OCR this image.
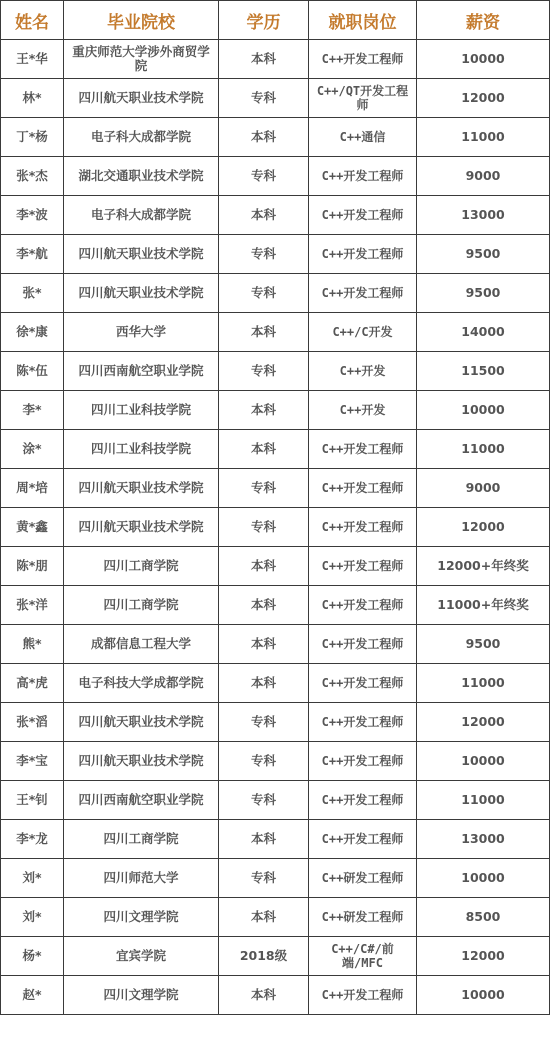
姓名	毕业院校	学历	就职岗位	薪资
王*华	重庆师范大学涉外商贸学院	本科	C++开发工程师	10000
林*	四川航天职业技术学院	专科	C++/QT开发工程师	12000
丁*杨	电子科大成都学院	本科	C++通信	11000
张*杰	湖北交通职业技术学院	专科	C++开发工程师	9000
李*波	电子科大成都学院	本科	C++开发工程师	13000
李*航	四川航天职业技术学院	专科	C++开发工程师	9500
张*	四川航天职业技术学院	专科	C++开发工程师	9500
徐*康	西华大学	本科	C++/C开发	14000
陈*伍	四川西南航空职业学院	专科	C++开发	11500
李*	四川工业科技学院	本科	C++开发	10000
涂*	四川工业科技学院	本科	C++开发工程师	11000
周*培	四川航天职业技术学院	专科	C++开发工程师	9000
黄*鑫	四川航天职业技术学院	专科	C++开发工程师	12000
陈*朋	四川工商学院	本科	C++开发工程师	12000+年终奖
张*洋	四川工商学院	本科	C++开发工程师	11000+年终奖
熊*	成都信息工程大学	本科	C++开发工程师	9500
高*虎	电子科技大学成都学院	本科	C++开发工程师	11000
张*滔	四川航天职业技术学院	专科	C++开发工程师	12000
李*宝	四川航天职业技术学院	专科	C++开发工程师	10000
王*钊	四川西南航空职业学院	专科	C++开发工程师	11000
李*龙	四川工商学院	本科	C++开发工程师	13000
刘*	四川师范大学	专科	C++研发工程师	10000
刘*	四川文理学院	本科	C++研发工程师	8500
杨*	宜宾学院	2018级	C++/C#/前端/MFC	12000
赵*	四川文理学院	本科	C++开发工程师	10000
